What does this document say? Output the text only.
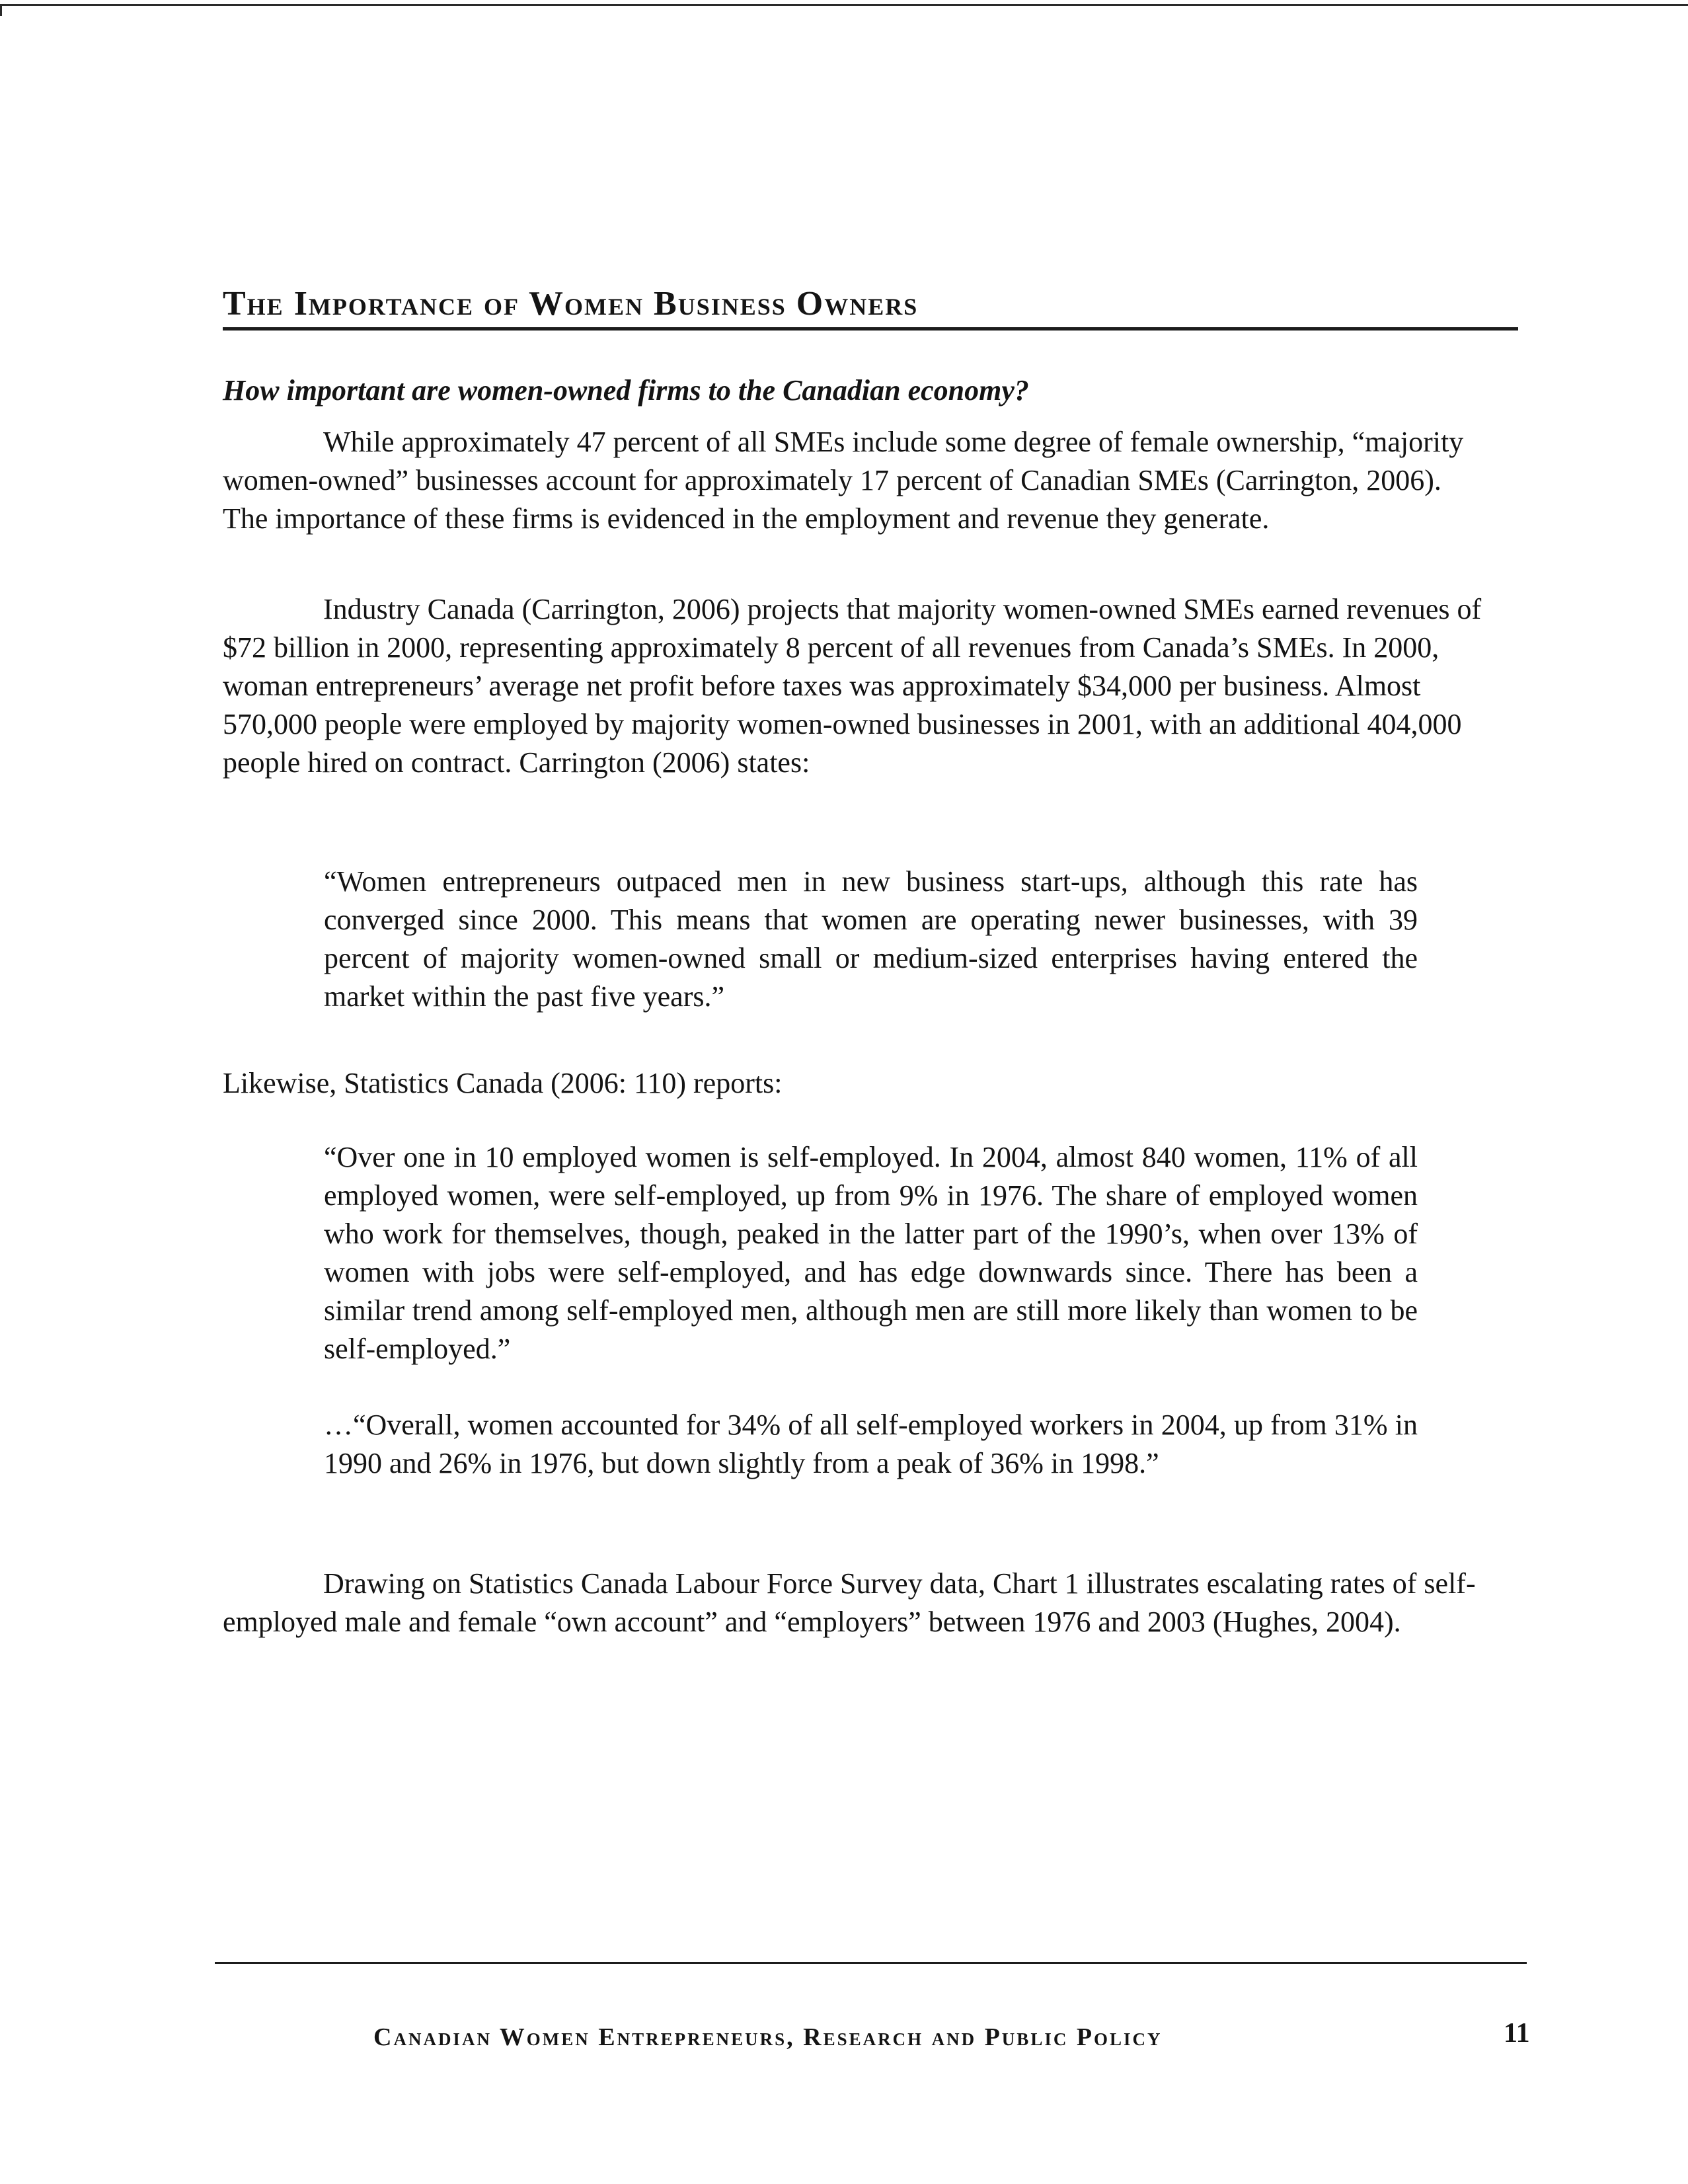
The Importance of Women Business Owners
How important are women-owned firms to the Canadian economy?

While approximately 47 percent of all SMEs include some degree of female ownership, “majority women-owned” businesses account for approximately 17 percent of Canadian SMEs (Carrington, 2006). The importance of these firms is evidenced in the employment and revenue they generate.

Industry Canada (Carrington, 2006) projects that majority women-owned SMEs earned revenues of $72 billion in 2000, representing approximately 8 percent of all revenues from Canada’s SMEs. In 2000, woman entrepreneurs’ average net profit before taxes was approximately $34,000 per business. Almost 570,000 people were employed by majority women-owned businesses in 2001, with an additional 404,000 people hired on contract. Carrington (2006) states:

“Women entrepreneurs outpaced men in new business start-ups, although this rate has converged since 2000. This means that women are operating newer businesses, with 39 percent of majority women-owned small or medium-sized enterprises having entered the market within the past five years.”

Likewise, Statistics Canada (2006: 110) reports:

“Over one in 10 employed women is self-employed. In 2004, almost 840 women, 11% of all employed women, were self-employed, up from 9% in 1976. The share of employed women who work for themselves, though, peaked in the latter part of the 1990’s, when over 13% of women with jobs were self-employed, and has edge downwards since. There has been a similar trend among self-employed men, although men are still more likely than women to be self-employed.”

…“Overall, women accounted for 34% of all self-employed workers in 2004, up from 31% in 1990 and 26% in 1976, but down slightly from a peak of 36% in 1998.”

Drawing on Statistics Canada Labour Force Survey data, Chart 1 illustrates escalating rates of self-employed male and female “own account” and “employers” between 1976 and 2003 (Hughes, 2004).

Canadian Women Entrepreneurs, Research and Public Policy	11
